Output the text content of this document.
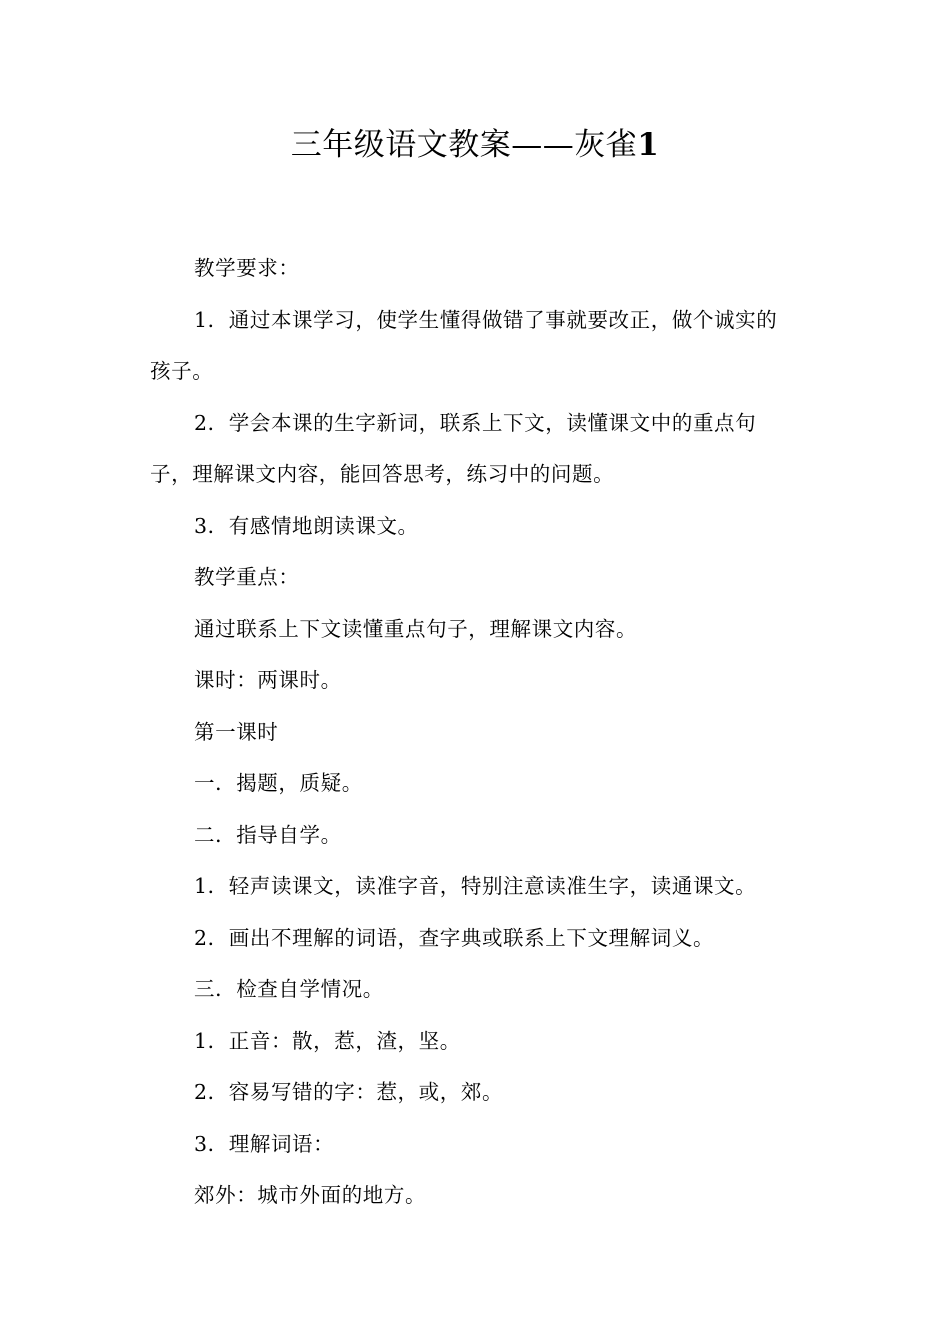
三年级语文教案——灰雀1

教学要求：

1．通过本课学习，使学生懂得做错了事就要改正，做个诚实的孩子。

2．学会本课的生字新词，联系上下文，读懂课文中的重点句子，理解课文内容，能回答思考，练习中的问题。

3．有感情地朗读课文。

教学重点：

通过联系上下文读懂重点句子，理解课文内容。

课时：两课时。

第一课时

一．揭题，质疑。

二．指导自学。

1．轻声读课文，读准字音，特别注意读准生字，读通课文。

2．画出不理解的词语，查字典或联系上下文理解词义。

三．检查自学情况。

1．正音：散，惹，渣，坚。

2．容易写错的字：惹，或，郊。

3．理解词语：

郊外：城市外面的地方。
